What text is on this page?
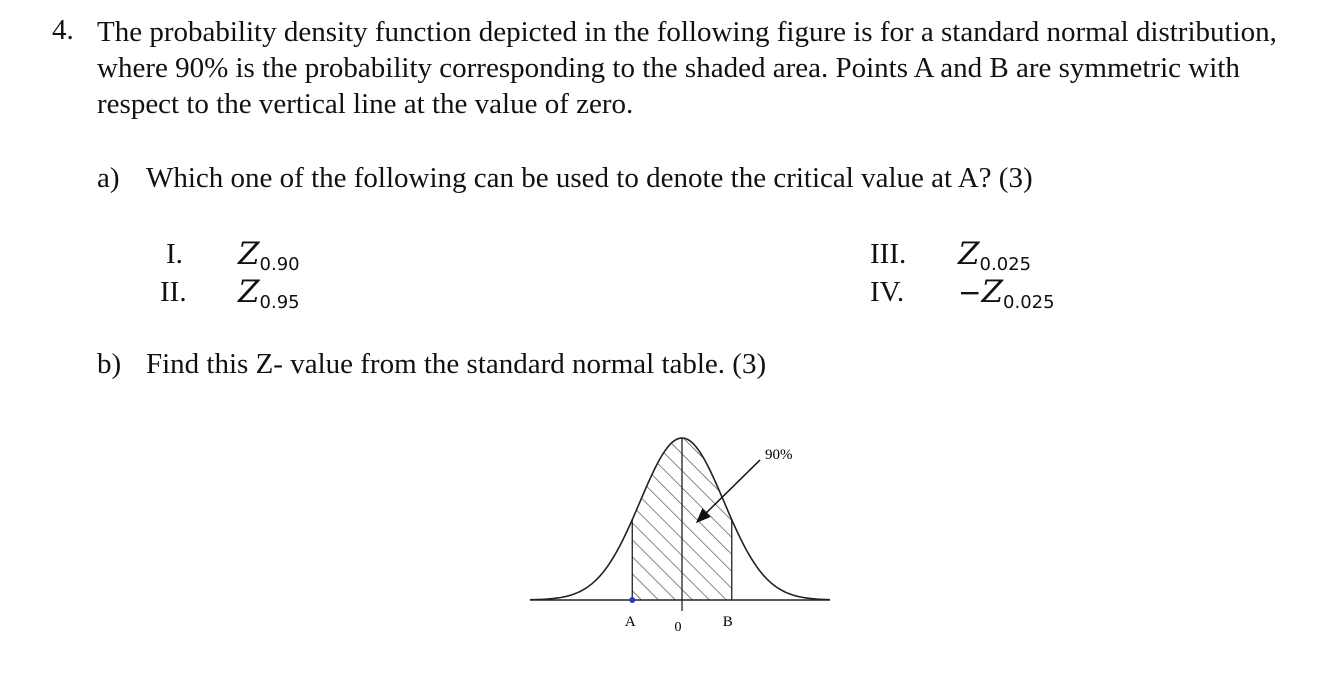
4. The probability density function depicted in the following figure is for a standard normal distribution, where 90% is the probability corresponding to the shaded area. Points A and B are symmetric with respect to the vertical line at the value of zero.
a) Which one of the following can be used to denote the critical value at A? (3)
I. $Z_{0.90}$
II. $Z_{0.95}$
III. $Z_{0.025}$
IV. $-Z_{0.025}$
b) Find this Z- value from the standard normal table. (3)
90%
A	0	B
